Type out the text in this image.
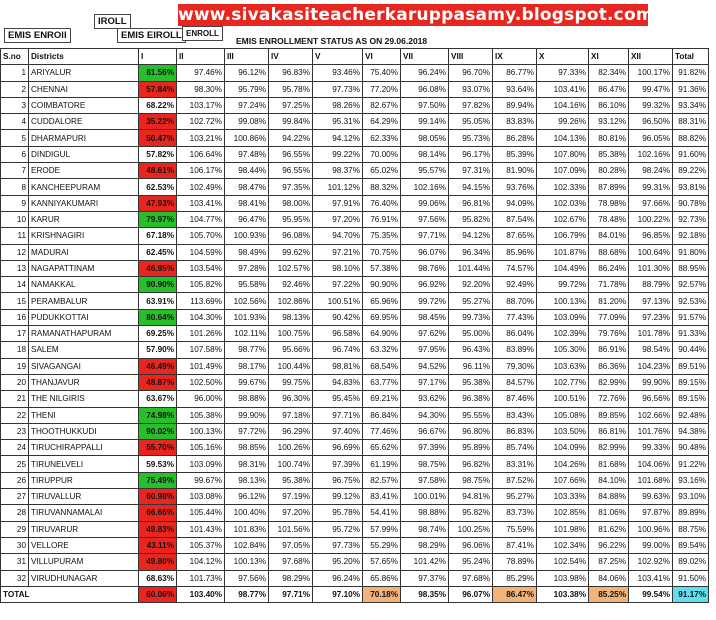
www.sivakasiteacherkaruppasamy.blogspot.com
EMIS ENROll
IROLL
EMIS EIROLL ENROLL
EMIS ENROLLMENT STATUS AS ON 29.06.2018
S.no	Districts	I	II	III	IV	V	VI	VII	VIII	IX	X	XI	XII	Total
1	ARIYALUR	81.56%	97.46%	96.12%	96.83%	93.46%	75.40%	96.24%	96.70%	86.77%	97.33%	82.34%	100.17%	91.82%
2	CHENNAI	57.84%	98.30%	95.79%	95.78%	97.73%	77.20%	96.08%	93.07%	93.64%	103.41%	86.47%	99.47%	91.36%
3	COIMBATORE	68.22%	103.17%	97.24%	97.25%	98.26%	82.67%	97.50%	97.82%	89.94%	104.16%	86.10%	99.32%	93.34%
4	CUDDALORE	35.22%	102.72%	99.08%	99.84%	95.31%	64.29%	99.14%	95.05%	83.83%	99.26%	93.12%	96.50%	88.31%
5	DHARMAPURI	50.47%	103.21%	100.86%	94.22%	94.12%	62.33%	98.05%	95.73%	86.28%	104.13%	80.81%	96.05%	88.82%
6	DINDIGUL	57.82%	106.64%	97.48%	96.55%	99.22%	70.00%	98.14%	96.17%	85.39%	107.80%	85.38%	102.16%	91.60%
7	ERODE	48.61%	106.17%	98.44%	96.55%	98.37%	65.02%	95.57%	97.31%	81.90%	107.09%	80.28%	98.24%	89.22%
8	KANCHEEPURAM	62.53%	102.49%	98.47%	97.35%	101.12%	88.32%	102.16%	94.15%	93.76%	102.33%	87.89%	99.31%	93.81%
9	KANNIYAKUMARI	47.93%	103.41%	98.41%	98.00%	97.91%	76.40%	99.06%	96.81%	94.09%	102.03%	78.98%	97.66%	90.78%
10	KARUR	79.97%	104.77%	96.47%	95.95%	97.20%	76.91%	97.56%	95.82%	87.54%	102.67%	78.48%	100.22%	92.73%
11	KRISHNAGIRI	67.18%	105.70%	100.93%	96.08%	94.70%	75.35%	97.71%	94.12%	87.65%	106.79%	84.01%	96.85%	92.18%
12	MADURAI	62.45%	104.59%	98.49%	99.62%	97.21%	70.75%	96.07%	96.34%	85.96%	101.87%	88.68%	100.64%	91.80%
13	NAGAPATTINAM	46.95%	103.54%	97.28%	102.57%	98.10%	57.38%	98.76%	101.44%	74.57%	104.49%	86.24%	101.30%	88.95%
14	NAMAKKAL	90.90%	105.82%	95.58%	92.46%	97.22%	90.90%	96.92%	92.20%	92.49%	99.72%	71.78%	88.79%	92.57%
15	PERAMBALUR	63.91%	113.69%	102.56%	102.86%	100.51%	65.96%	99.72%	95.27%	88.70%	100.13%	81.20%	97.13%	92.53%
16	PUDUKKOTTAI	80.64%	104.30%	101.93%	98.13%	90.42%	69.95%	98.45%	99.73%	77.43%	103.09%	77.09%	97.23%	91.57%
17	RAMANATHAPURAM	69.25%	101.26%	102.11%	100.75%	96.58%	64.90%	97.62%	95.00%	86.04%	102.39%	79.76%	101.78%	91.33%
18	SALEM	57.90%	107.58%	98.77%	95.66%	96.74%	63.32%	97.95%	96.43%	83.89%	105.30%	86.91%	98.54%	90.44%
19	SIVAGANGAI	46.49%	101.49%	98.17%	100.44%	98.81%	68.54%	94.52%	96.11%	79.30%	103.63%	86.36%	104.23%	89.51%
20	THANJAVUR	48.87%	102.50%	99.67%	99.75%	94.83%	63.77%	97.17%	95.38%	84.57%	102.77%	82.99%	99.90%	89.15%
21	THE NILGIRIS	63.67%	96.00%	98.88%	96.30%	95.45%	69.21%	93.62%	96.38%	87.46%	100.51%	72.76%	96.56%	89.15%
22	THENI	74.98%	105.38%	99.90%	97.18%	97.71%	86.84%	94.30%	95.55%	83.43%	105.08%	89.85%	102.66%	92.48%
23	THOOTHUKKUDI	90.02%	100.13%	97.72%	96.29%	97.40%	77.46%	96.67%	96.80%	86.83%	103.50%	86.81%	101.76%	94.38%
24	TIRUCHIRAPPALLI	55.70%	105.16%	98.85%	100.26%	96.69%	65.62%	97.39%	95.89%	85.74%	104.09%	82.99%	99.33%	90.48%
25	TIRUNELVELI	59.53%	103.09%	98.31%	100.74%	97.39%	61.19%	98.75%	96.82%	83.31%	104.26%	81.68%	104.06%	91.22%
26	TIRUPPUR	75.49%	99.67%	98.13%	95.38%	96.75%	82.57%	97.58%	98.75%	87.52%	107.66%	84.10%	101.68%	93.16%
27	TIRUVALLUR	60.98%	103.08%	96.12%	97.19%	99.12%	83.41%	100.01%	94.81%	95.27%	103.33%	84.88%	99.63%	93.10%
28	TIRUVANNAMALAI	66.66%	105.44%	100.40%	97.20%	95.78%	54.41%	98.88%	95.82%	83.73%	102.85%	81.06%	97.87%	89.89%
29	TIRUVARUR	49.83%	101.43%	101.83%	101.56%	95.72%	57.99%	98.74%	100.25%	75.59%	101.98%	81.62%	100.96%	88.75%
30	VELLORE	43.11%	105.37%	102.84%	97.05%	97.73%	55.29%	98.29%	96.06%	87.41%	102.34%	96.22%	99.00%	89.54%
31	VILLUPURAM	49.80%	104.12%	100.13%	97.68%	95.20%	57.65%	101.42%	95.24%	78.89%	102.54%	87.25%	102.92%	89.02%
32	VIRUDHUNAGAR	68.63%	101.73%	97.56%	98.29%	96.24%	65.86%	97.37%	97.68%	85.29%	103.98%	84.06%	103.41%	91.50%
TOTAL		60.06%	103.40%	98.77%	97.71%	97.10%	70.18%	98.35%	96.07%	86.47%	103.38%	85.25%	99.54%	91.17%
